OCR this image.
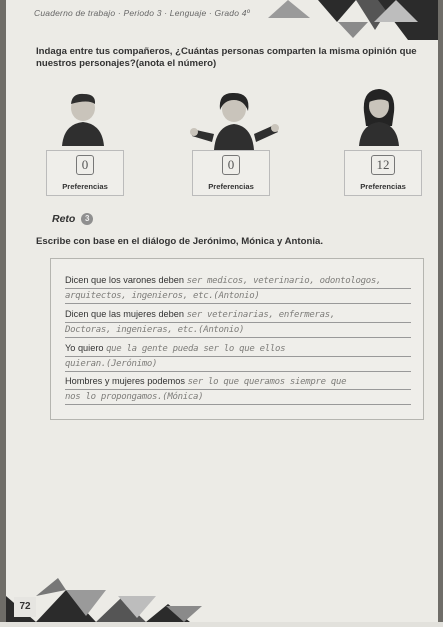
Cuaderno de trabajo · Periodo 3 · Lenguaje · Grado 4º
Indaga entre tus compañeros, ¿Cuántas personas comparten la misma opinión que nuestros personajes?(anota el número)
0
Preferencias
0
Preferencias
12
Preferencias
Reto 3
Escribe con base en el diálogo de Jerónimo, Mónica y Antonia.
Dicen que los varones deben ser medicos, veterinario, odontologos,
arquitectos, ingenieros, etc.(Antonio)
Dicen que las mujeres deben ser veterinarias, enfermeras,
Doctoras, ingenieras, etc.(Antonio)
Yo quiero que la gente pueda ser lo que ellos
quieran.(Jerónimo)
Hombres y mujeres podemos ser lo que queramos siempre que
nos lo propongamos.(Mónica)
72
